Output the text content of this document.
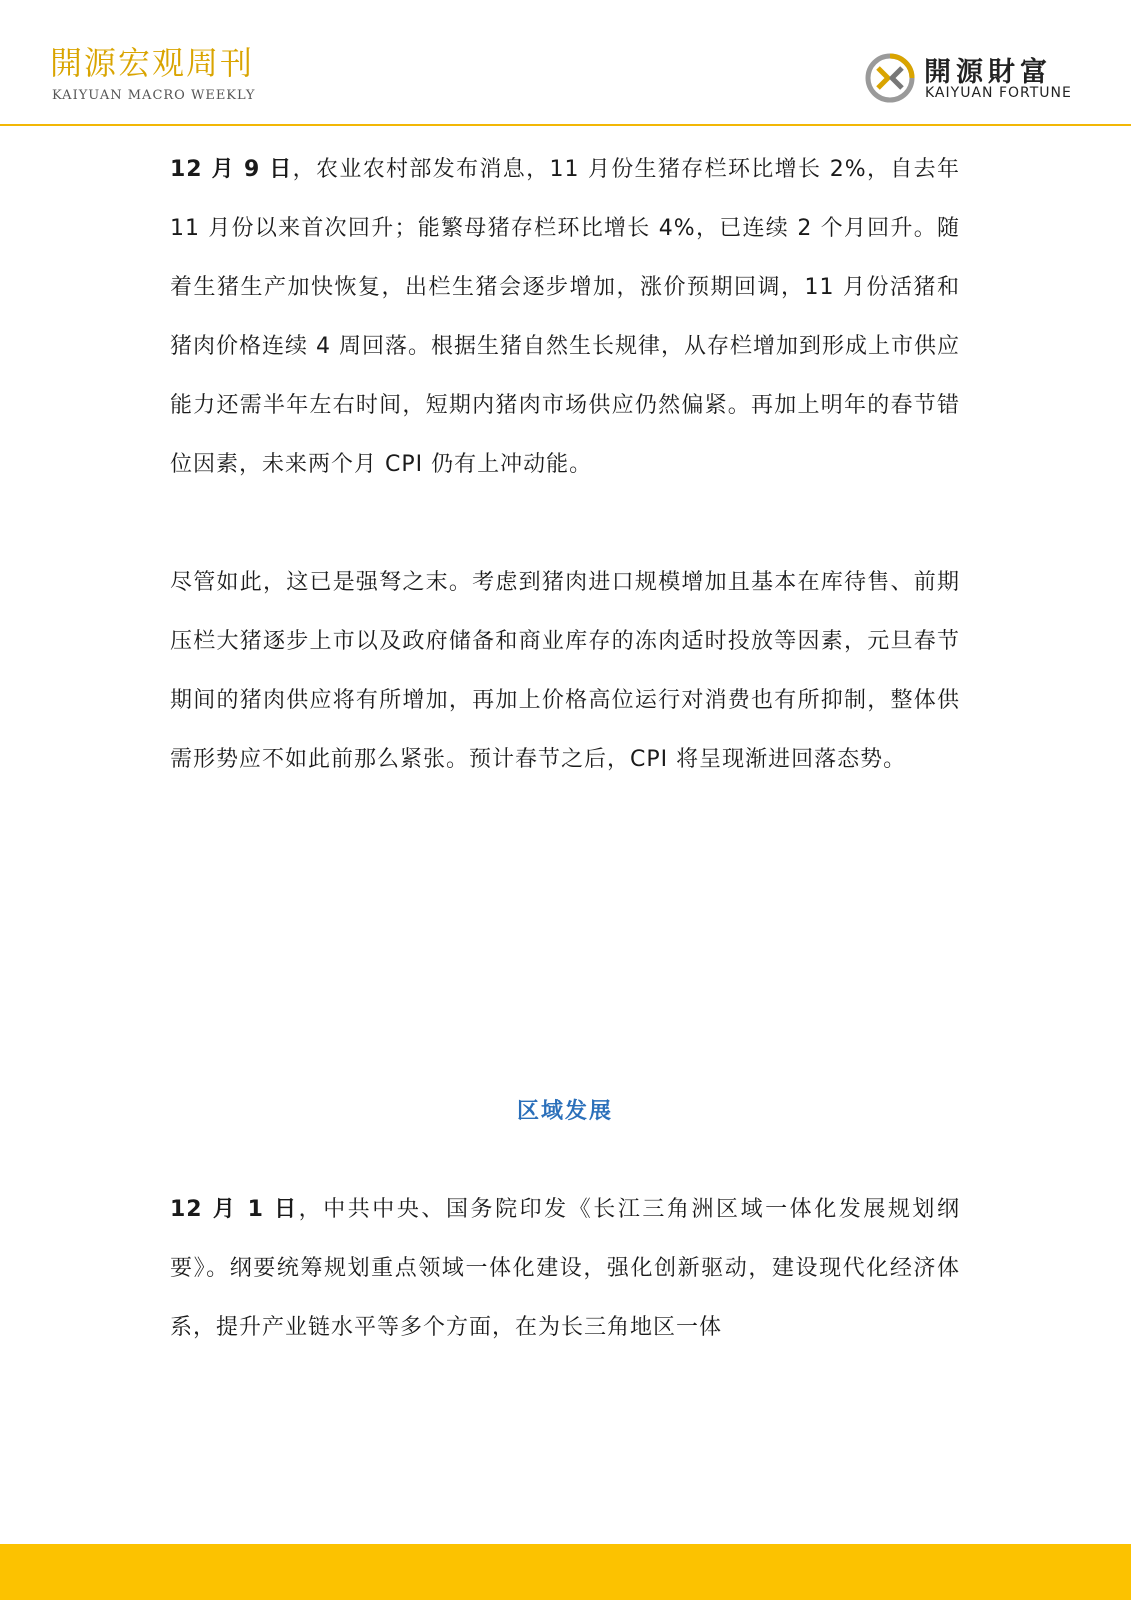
開源宏观周刊
KAIYUAN MACRO WEEKLY
開源財富
KAIYUAN FORTUNE

12 月 9 日，农业农村部发布消息，11 月份生猪存栏环比增长 2%，自去年 11 月份以来首次回升；能繁母猪存栏环比增长 4%，已连续 2 个月回升。随着生猪生产加快恢复，出栏生猪会逐步增加，涨价预期回调，11 月份活猪和猪肉价格连续 4 周回落。根据生猪自然生长规律，从存栏增加到形成上市供应能力还需半年左右时间，短期内猪肉市场供应仍然偏紧。再加上明年的春节错位因素，未来两个月 CPI 仍有上冲动能。

尽管如此，这已是强弩之末。考虑到猪肉进口规模增加且基本在库待售、前期压栏大猪逐步上市以及政府储备和商业库存的冻肉适时投放等因素，元旦春节期间的猪肉供应将有所增加，再加上价格高位运行对消费也有所抑制，整体供需形势应不如此前那么紧张。预计春节之后，CPI 将呈现渐进回落态势。

区域发展

12 月 1 日，中共中央、国务院印发《长江三角洲区域一体化发展规划纲要》。纲要统筹规划重点领域一体化建设，强化创新驱动，建设现代化经济体系，提升产业链水平等多个方面，在为长三角地区一体
